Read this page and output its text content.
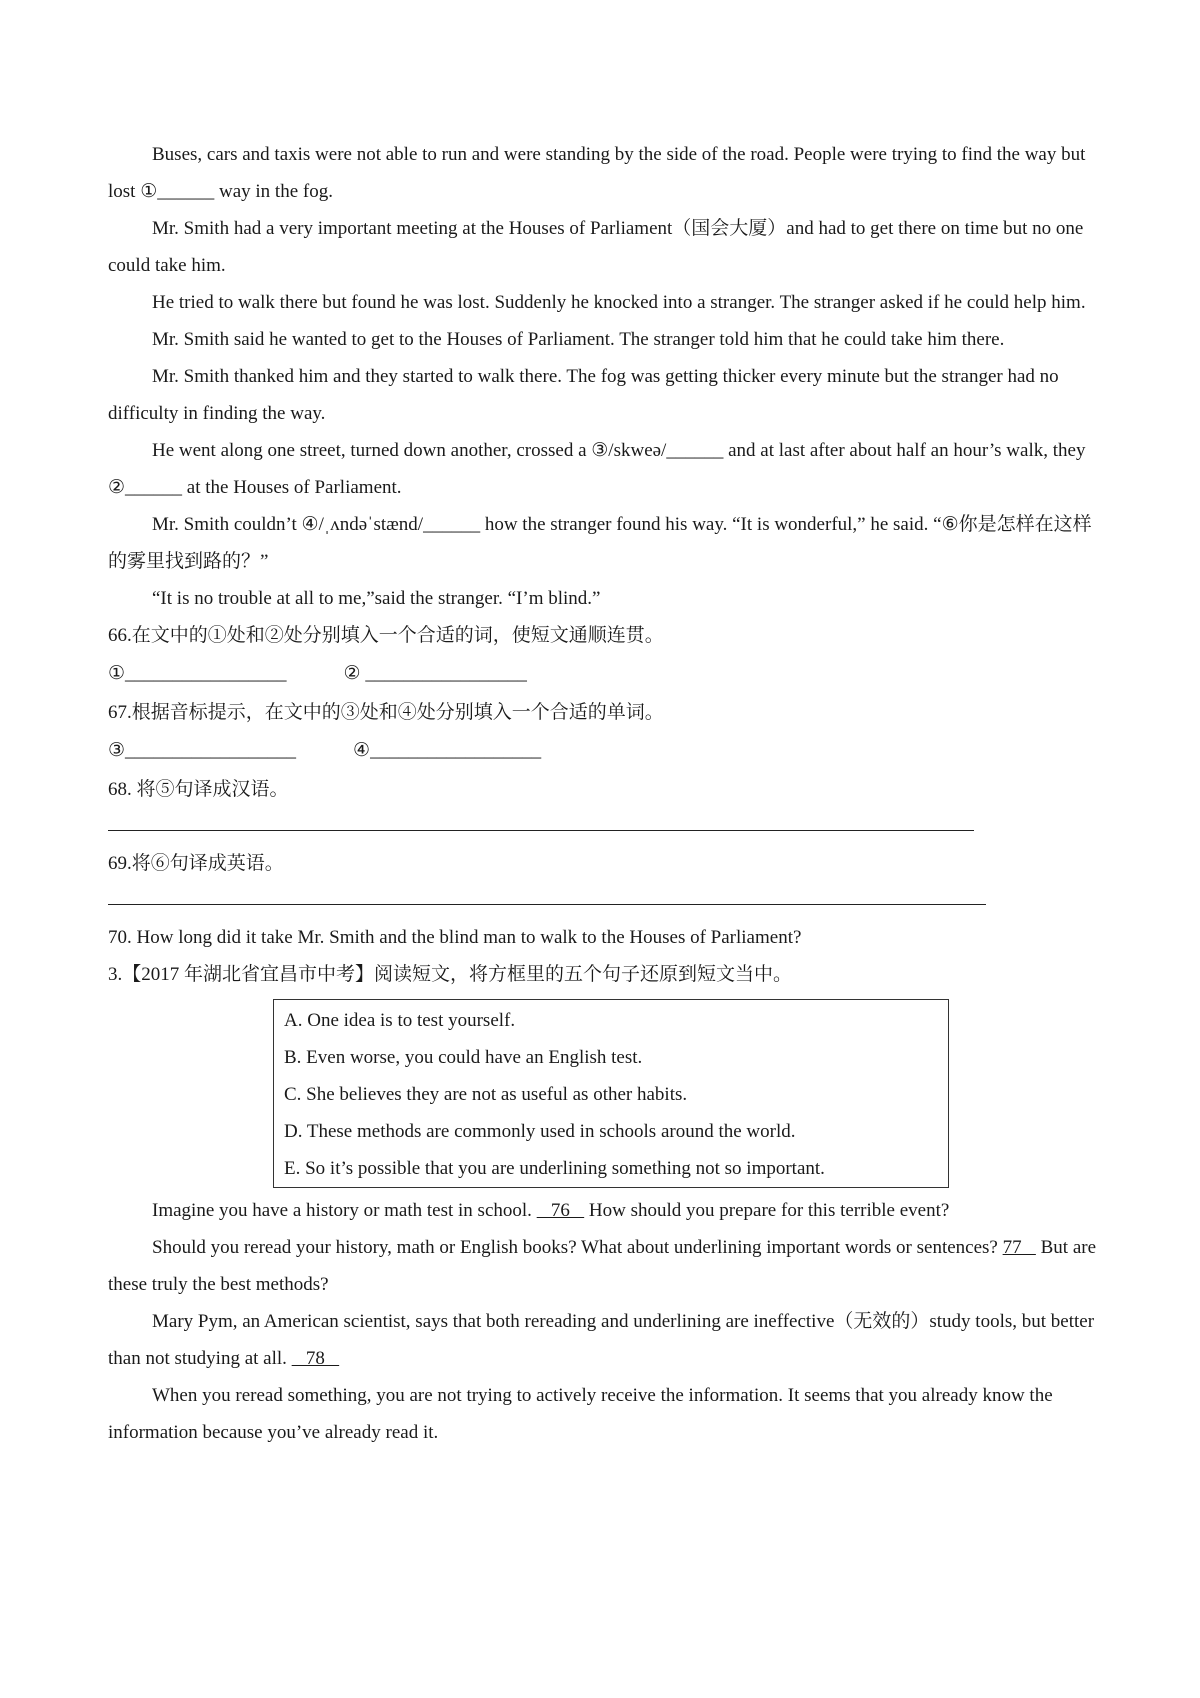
Buses, cars and taxis were not able to run and were standing by the side of the road. People were trying to find the way but lost ①______ way in the fog.

Mr. Smith had a very important meeting at the Houses of Parliament（国会大厦）and had to get there on time but no one could take him.

He tried to walk there but found he was lost. Suddenly he knocked into a stranger. The stranger asked if he could help him.

Mr. Smith said he wanted to get to the Houses of Parliament. The stranger told him that he could take him there.

Mr. Smith thanked him and they started to walk there. The fog was getting thicker every minute but the stranger had no difficulty in finding the way.

He went along one street, turned down another, crossed a ③/skweə/______ and at last after about half an hour’s walk, they ②______ at the Houses of Parliament.

Mr. Smith couldn’t ④/ˌʌndəˈstænd/______ how the stranger found his way. “It is wonderful,” he said. “⑥你是怎样在这样的雾里找到路的？”

“It is no trouble at all to me,”said the stranger. “I’m blind.”

66.在文中的①处和②处分别填入一个合适的词，使短文通顺连贯。

①_________________            ② _________________

67.根据音标提示，在文中的③处和④处分别填入一个合适的单词。

③__________________            ④__________________

68. 将⑤句译成汉语。

69.将⑥句译成英语。

70. How long did it take Mr. Smith and the blind man to walk to the Houses of Parliament?

3.【2017 年湖北省宜昌市中考】阅读短文，将方框里的五个句子还原到短文当中。

A. One idea is to test yourself.

B. Even worse, you could have an English test.

C. She believes they are not as useful as other habits.

D. These methods are commonly used in schools around the world.

E. So it’s possible that you are underlining something not so important.

Imagine you have a history or math test in school.    76    How should you prepare for this terrible event?

Should you reread your history, math or English books? What about underlining important words or sentences? 77    But are these truly the best methods?

Mary Pym, an American scientist, says that both rereading and underlining are ineffective（无效的）study tools, but better than not studying at all.    78

When you reread something, you are not trying to actively receive the information. It seems that you already know the information because you’ve already read it.
